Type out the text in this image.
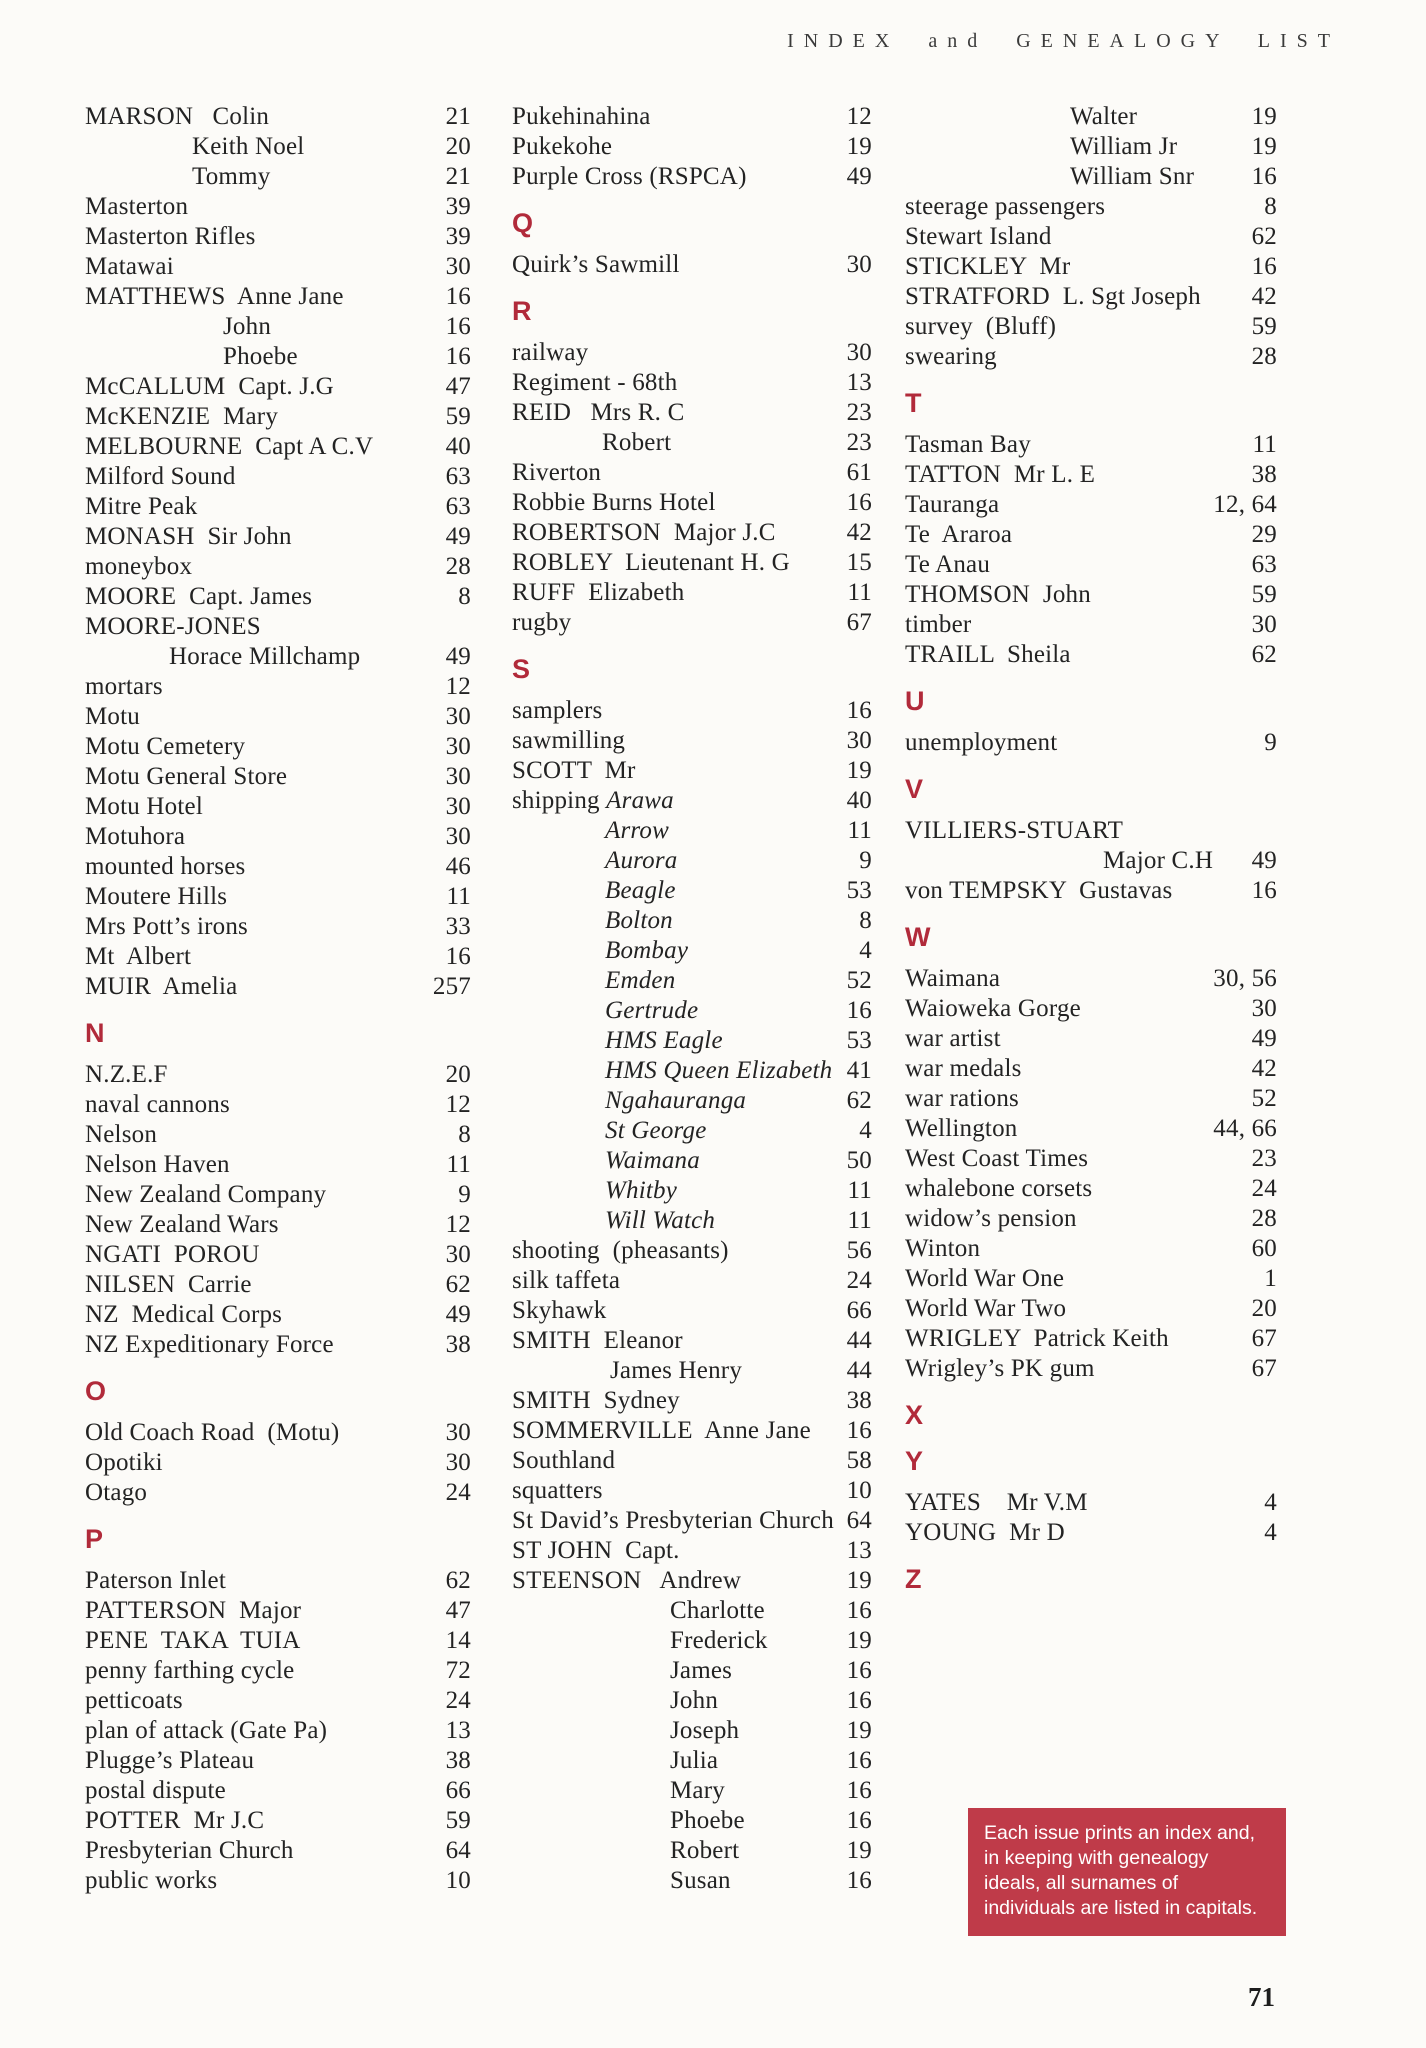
INDEX and GENEALOGY LIST
MARSON   Colin	21
Keith Noel	20
Tommy	21
Masterton	39
Masterton Rifles	39
Matawai	30
MATTHEWS  Anne Jane	16
John	16
Phoebe	16
McCALLUM  Capt. J.G	47
McKENZIE  Mary	59
MELBOURNE  Capt A C.V	40
Milford Sound	63
Mitre Peak	63
MONASH  Sir John	49
moneybox	28
MOORE  Capt. James	8
MOORE-JONES
Horace Millchamp	49
mortars	12
Motu	30
Motu Cemetery	30
Motu General Store	30
Motu Hotel	30
Motuhora	30
mounted horses	46
Moutere Hills	11
Mrs Pott’s irons	33
Mt  Albert	16
MUIR  Amelia	257
N
N.Z.E.F	20
naval cannons	12
Nelson	8
Nelson Haven	11
New Zealand Company	9
New Zealand Wars	12
NGATI  POROU	30
NILSEN  Carrie	62
NZ  Medical Corps	49
NZ Expeditionary Force	38
O
Old Coach Road  (Motu)	30
Opotiki	30
Otago	24
P
Paterson Inlet	62
PATTERSON  Major	47
PENE  TAKA  TUIA	14
penny farthing cycle	72
petticoats	24
plan of attack (Gate Pa)	13
Plugge’s Plateau	38
postal dispute	66
POTTER  Mr J.C	59
Presbyterian Church	64
public works	10
Pukehinahina	12
Pukekohe	19
Purple Cross (RSPCA)	49
Q
Quirk’s Sawmill	30
R
railway	30
Regiment - 68th	13
REID   Mrs R. C	23
Robert	23
Riverton	61
Robbie Burns Hotel	16
ROBERTSON  Major J.C	42
ROBLEY  Lieutenant H. G	15
RUFF  Elizabeth	11
rugby	67
S
samplers	16
sawmilling	30
SCOTT  Mr	19
shipping Arawa	40
Arrow	11
Aurora	9
Beagle	53
Bolton	8
Bombay	4
Emden	52
Gertrude	16
HMS Eagle	53
HMS Queen Elizabeth 41
Ngahauranga	62
St George	4
Waimana	50
Whitby	11
Will Watch	11
shooting  (pheasants)	56
silk taffeta	24
Skyhawk	66
SMITH  Eleanor	44
James Henry	44
SMITH  Sydney	38
SOMMERVILLE  Anne Jane	16
Southland	58
squatters	10
St David’s Presbyterian Church 64
ST JOHN  Capt.	13
STEENSON   Andrew	19
Charlotte	16
Frederick	19
James	16
John	16
Joseph	19
Julia	16
Mary	16
Phoebe	16
Robert	19
Susan	16
Walter	19
William Jr	19
William Snr	16
steerage passengers	8
Stewart Island	62
STICKLEY  Mr	16
STRATFORD  L. Sgt Joseph	42
survey  (Bluff)	59
swearing	28
T
Tasman Bay	11
TATTON  Mr L. E	38
Tauranga	12, 64
Te  Araroa	29
Te Anau	63
THOMSON  John	59
timber	30
TRAILL  Sheila	62
U
unemployment	9
V
VILLIERS-STUART
Major C.H	49
von TEMPSKY  Gustavas	16
W
Waimana	30, 56
Waioweka Gorge	30
war artist	49
war medals	42
war rations	52
Wellington	44, 66
West Coast Times	23
whalebone corsets	24
widow’s pension	28
Winton	60
World War One	1
World War Two	20
WRIGLEY  Patrick Keith	67
Wrigley’s PK gum	67
X
Y
YATES    Mr V.M	4
YOUNG  Mr D	4
Z
Each issue prints an index and, in keeping with genealogy ideals, all surnames of individuals are listed in capitals.
71
